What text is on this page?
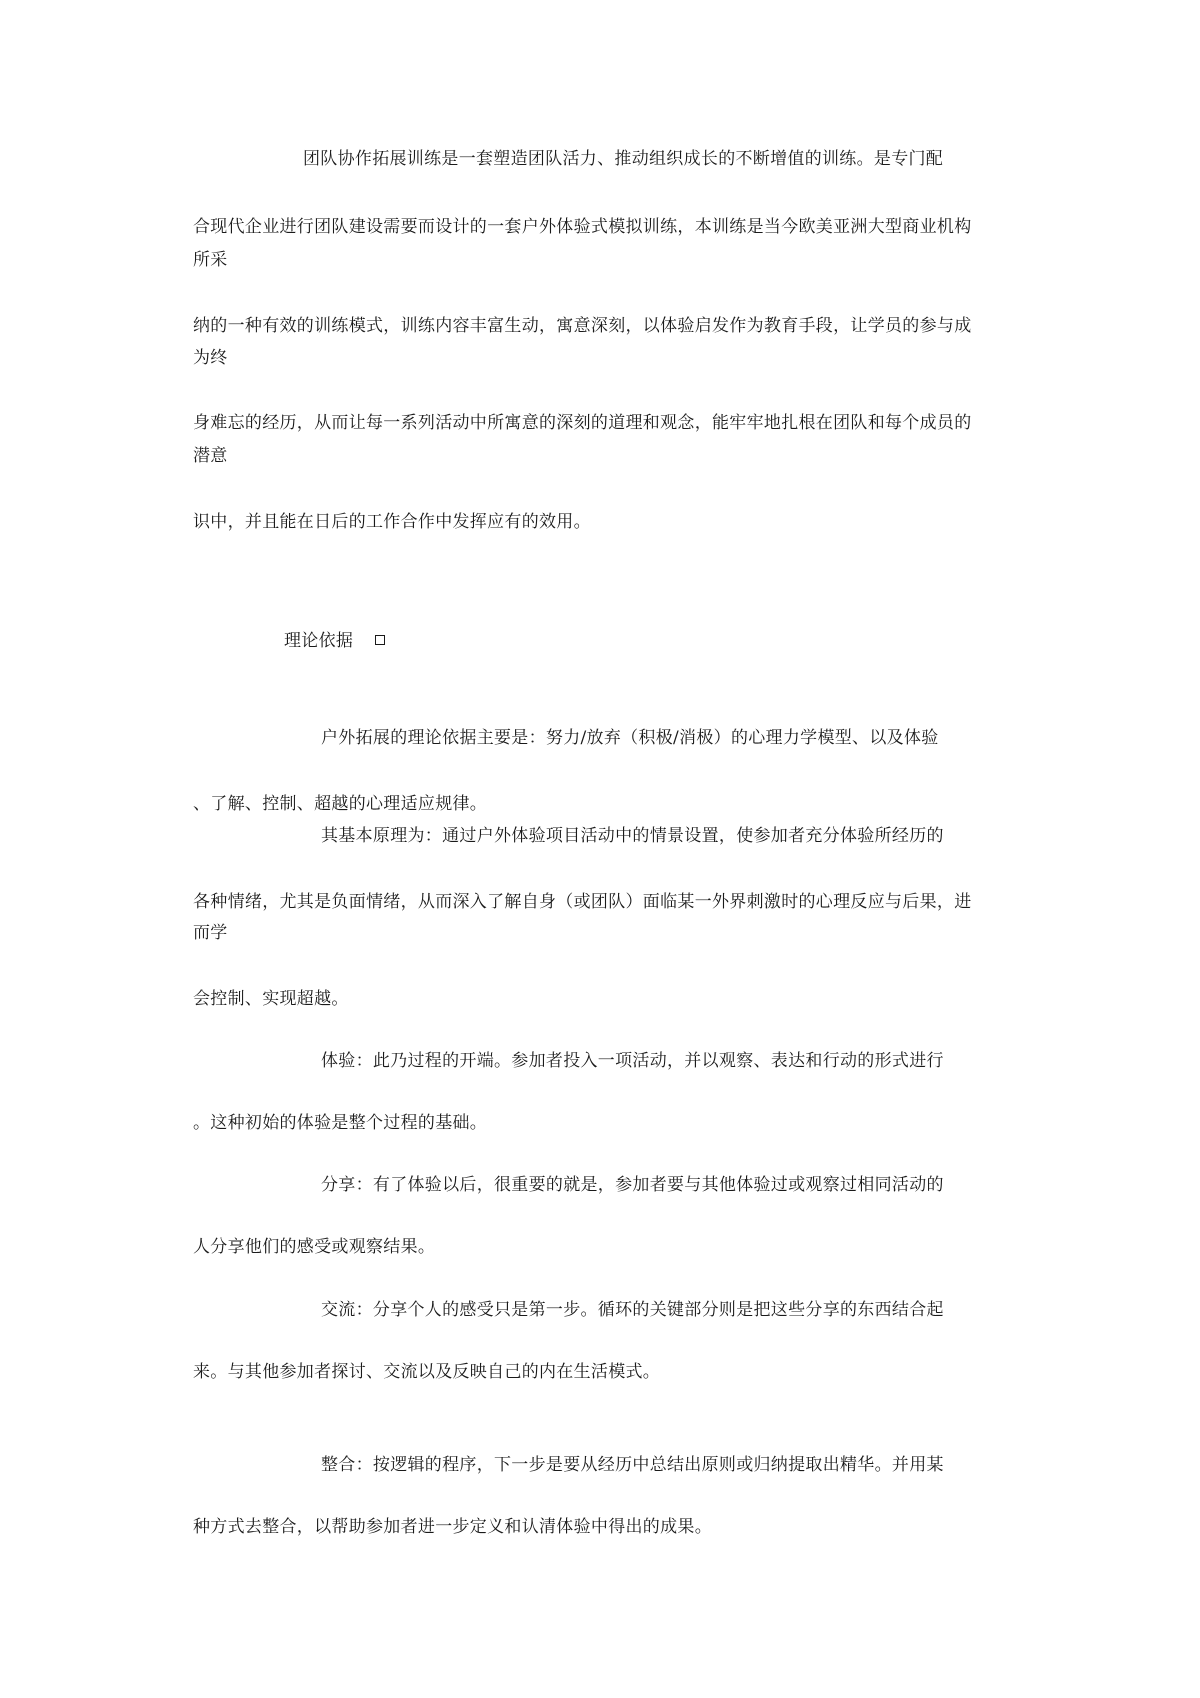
团队协作拓展训练是一套塑造团队活力、推动组织成长的不断增值的训练。是专门配
合现代企业进行团队建设需要而设计的一套户外体验式模拟训练，本训练是当今欧美亚洲大型商业机构
所采
纳的一种有效的训练模式，训练内容丰富生动，寓意深刻，以体验启发作为教育手段，让学员的参与成
为终
身难忘的经历，从而让每一系列活动中所寓意的深刻的道理和观念，能牢牢地扎根在团队和每个成员的
潜意
识中，并且能在日后的工作合作中发挥应有的效用。
理论依据
户外拓展的理论依据主要是：努力/放弃（积极/消极）的心理力学模型、以及体验
、了解、控制、超越的心理适应规律。
其基本原理为：通过户外体验项目活动中的情景设置，使参加者充分体验所经历的
各种情绪，尤其是负面情绪，从而深入了解自身（或团队）面临某一外界刺激时的心理反应与后果，进
而学
会控制、实现超越。
体验：此乃过程的开端。参加者投入一项活动，并以观察、表达和行动的形式进行
。这种初始的体验是整个过程的基础。
分享：有了体验以后，很重要的就是，参加者要与其他体验过或观察过相同活动的
人分享他们的感受或观察结果。
交流：分享个人的感受只是第一步。循环的关键部分则是把这些分享的东西结合起
来。与其他参加者探讨、交流以及反映自己的内在生活模式。
整合：按逻辑的程序，下一步是要从经历中总结出原则或归纳提取出精华。并用某
种方式去整合，以帮助参加者进一步定义和认清体验中得出的成果。
